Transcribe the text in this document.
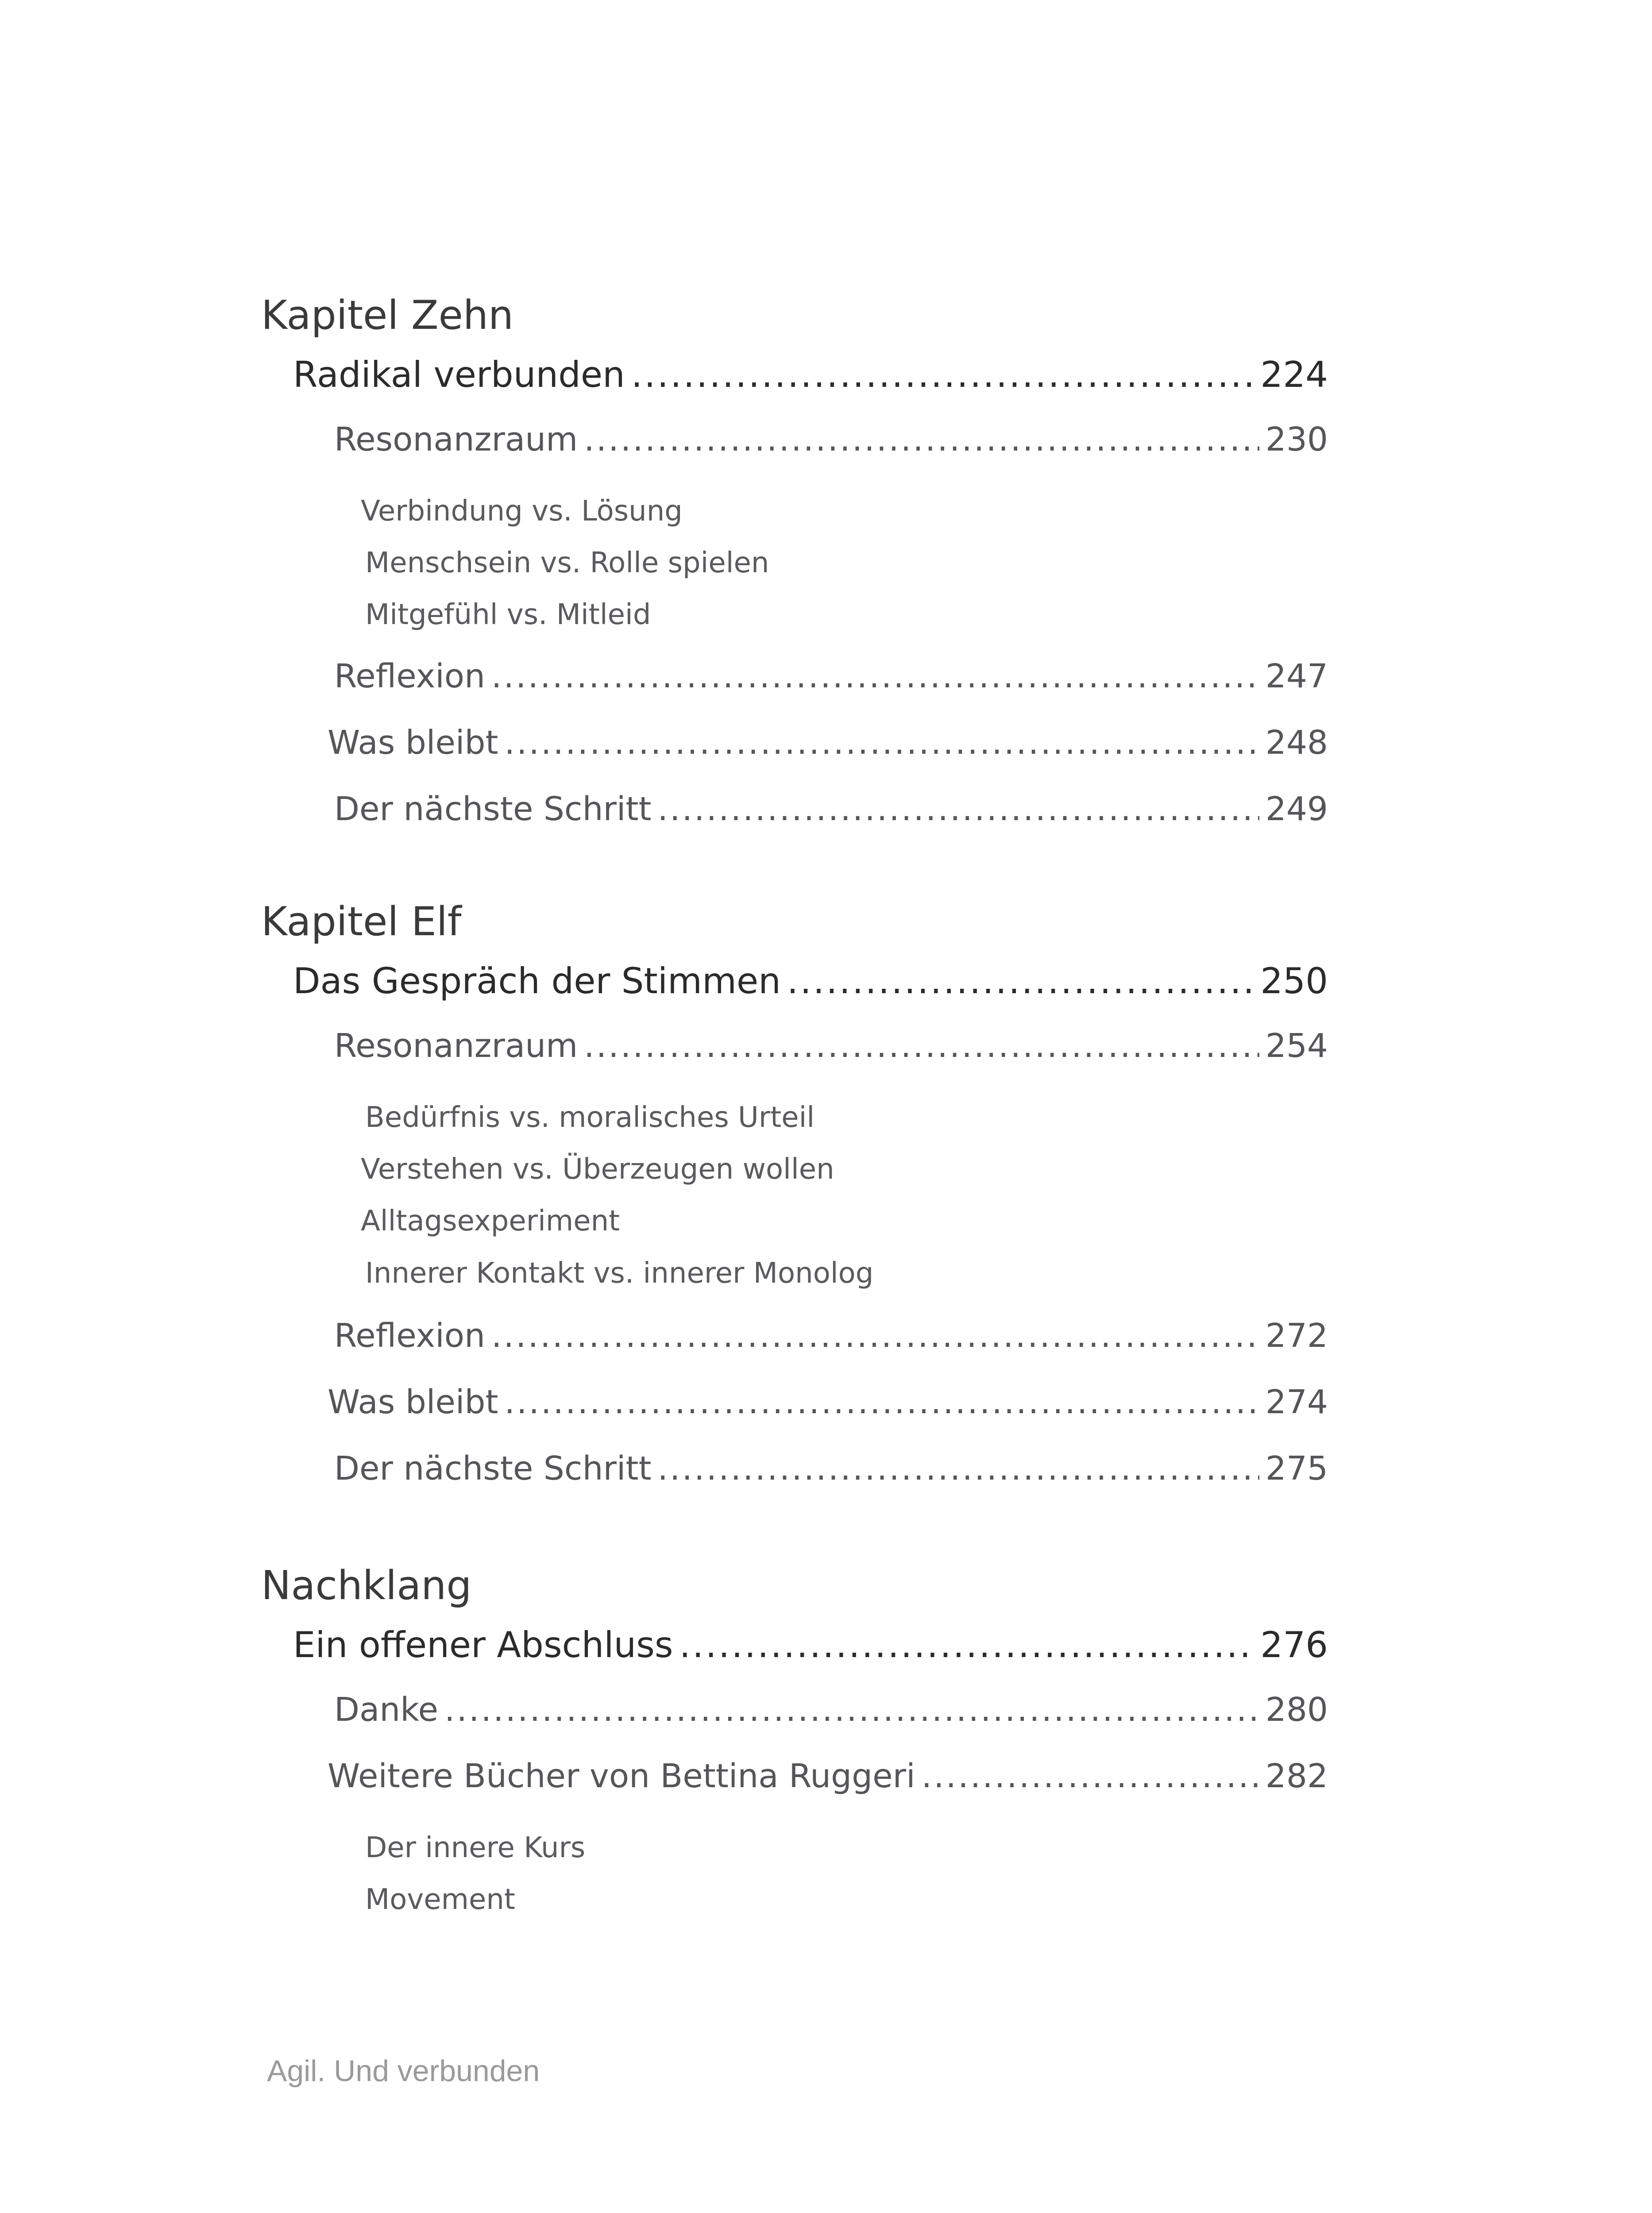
Kapitel Zehn
Radikal verbunden .....	224
Resonanzraum .....	230
Verbindung vs. Lösung
Menschsein vs. Rolle spielen
Mitgefühl vs. Mitleid
Reflexion .....	247
Was bleibt .....	248
Der nächste Schritt .....	249
Kapitel Elf
Das Gespräch der Stimmen .....	250
Resonanzraum .....	254
Bedürfnis vs. moralisches Urteil
Verstehen vs. Überzeugen wollen
Alltagsexperiment
Innerer Kontakt vs. innerer Monolog
Reflexion .....	272
Was bleibt .....	274
Der nächste Schritt .....	275
Nachklang
Ein offener Abschluss .....	276
Danke .....	280
Weitere Bücher von Bettina Ruggeri .....	282
Der innere Kurs
Movement
Agil. Und verbunden
